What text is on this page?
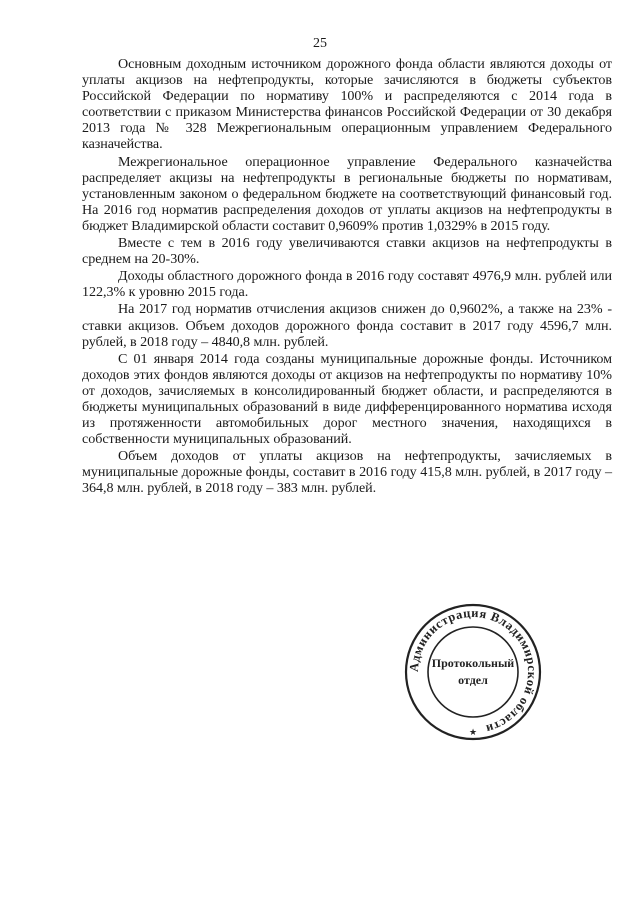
25

Основным доходным источником дорожного фонда области являются доходы от уплаты акцизов на нефтепродукты, которые зачисляются в бюджеты субъектов Российской Федерации по нормативу 100% и распределяются с 2014 года в соответствии с приказом Министерства финансов Российской Федерации от 30 декабря 2013 года № 328 Межрегиональным операционным управлением Федерального казначейства.

Межрегиональное операционное управление Федерального казначейства распределяет акцизы на нефтепродукты в региональные бюджеты по нормативам, установленным законом о федеральном бюджете на соответствующий финансовый год. На 2016 год норматив распределения доходов от уплаты акцизов на нефтепродукты в бюджет Владимирской области составит 0,9609% против 1,0329% в 2015 году.

Вместе с тем в 2016 году увеличиваются ставки акцизов на нефтепродукты в среднем на 20-30%.

Доходы областного дорожного фонда в 2016 году составят 4976,9 млн. рублей или 122,3% к уровню 2015 года.

На 2017 год норматив отчисления акцизов снижен до 0,9602%, а также на 23% - ставки акцизов. Объем доходов дорожного фонда составит в 2017 году 4596,7 млн. рублей, в 2018 году – 4840,8 млн. рублей.

С 01 января 2014 года созданы муниципальные дорожные фонды. Источником доходов этих фондов являются доходы от акцизов на нефтепродукты по нормативу 10% от доходов, зачисляемых в консолидированный бюджет области, и распределяются в бюджеты муниципальных образований в виде дифференцированного норматива исходя из протяженности автомобильных дорог местного значения, находящихся в собственности муниципальных образований.

Объем доходов от уплаты акцизов на нефтепродукты, зачисляемых в муниципальные дорожные фонды, составит в 2016 году 415,8 млн. рублей, в 2017 году – 364,8 млн. рублей, в 2018 году – 383 млн. рублей.

Администрация Владимирской области
★
Протокольный
отдел
